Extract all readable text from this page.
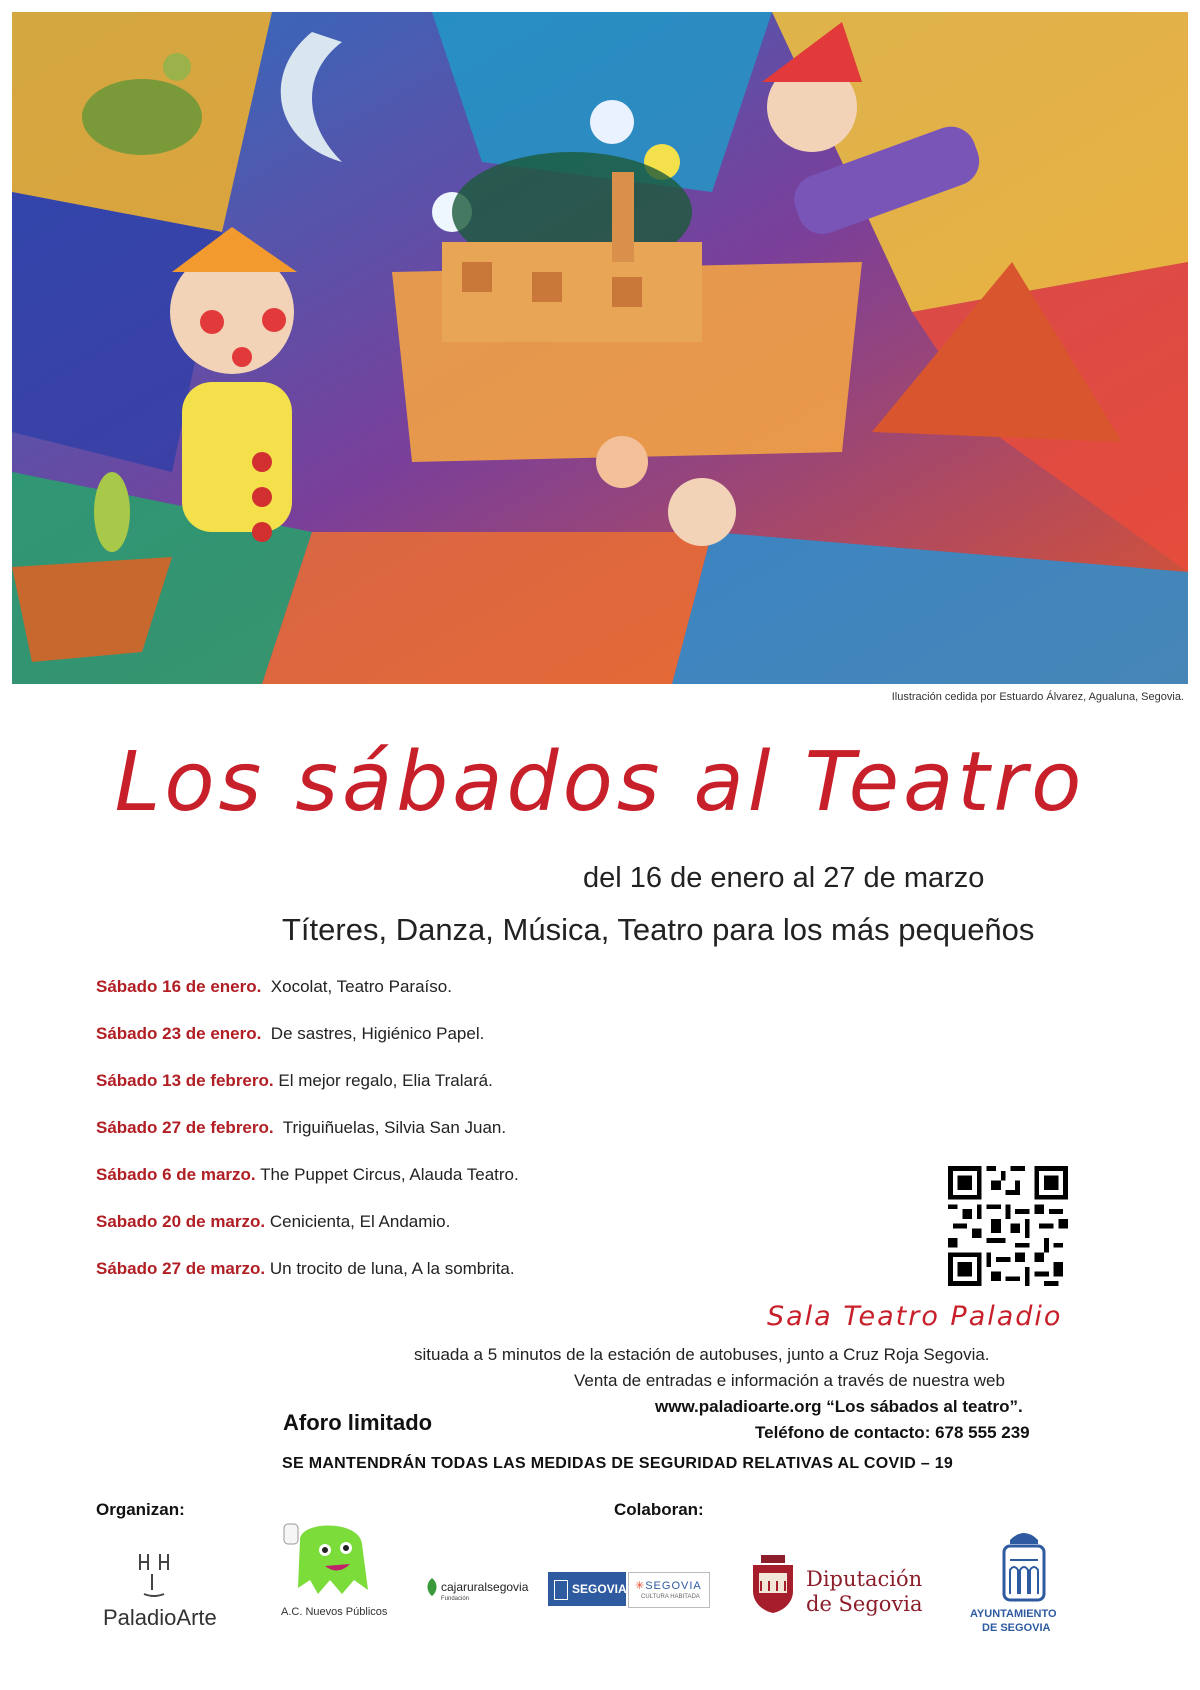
Ilustración cedida por Estuardo Álvarez, Agualuna, Segovia.
Los sábados al Teatro
del 16 de enero al 27 de marzo
Títeres, Danza, Música, Teatro para los más pequeños
Sábado 16 de enero. Xocolat, Teatro Paraíso.
Sábado 23 de enero. De sastres, Higiénico Papel.
Sábado 13 de febrero. El mejor regalo, Elia Tralará.
Sábado 27 de febrero. Triguiñuelas, Silvia San Juan.
Sábado 6 de marzo. The Puppet Circus, Alauda Teatro.
Sabado 20 de marzo. Cenicienta, El Andamio.
Sábado 27 de marzo. Un trocito de luna, A la sombrita.
Sala Teatro Paladio
situada a 5 minutos de la estación de autobuses, junto a Cruz Roja Segovia.
Venta de entradas e información a través de nuestra web
www.paladioarte.org “Los sábados al teatro”.
Teléfono de contacto: 678 555 239
Aforo limitado
SE MANTENDRÁN TODAS LAS MEDIDAS DE SEGURIDAD RELATIVAS AL COVID – 19
Organizan:	Colaboran:
PaladioArte	A.C. Nuevos Públicos
cajaruralsegovia
Fundación
SEGOVIA ✳SEGOVIA
CULTURA HABITADA
Diputación
de Segovia	AYUNTAMIENTO
DE SEGOVIA
